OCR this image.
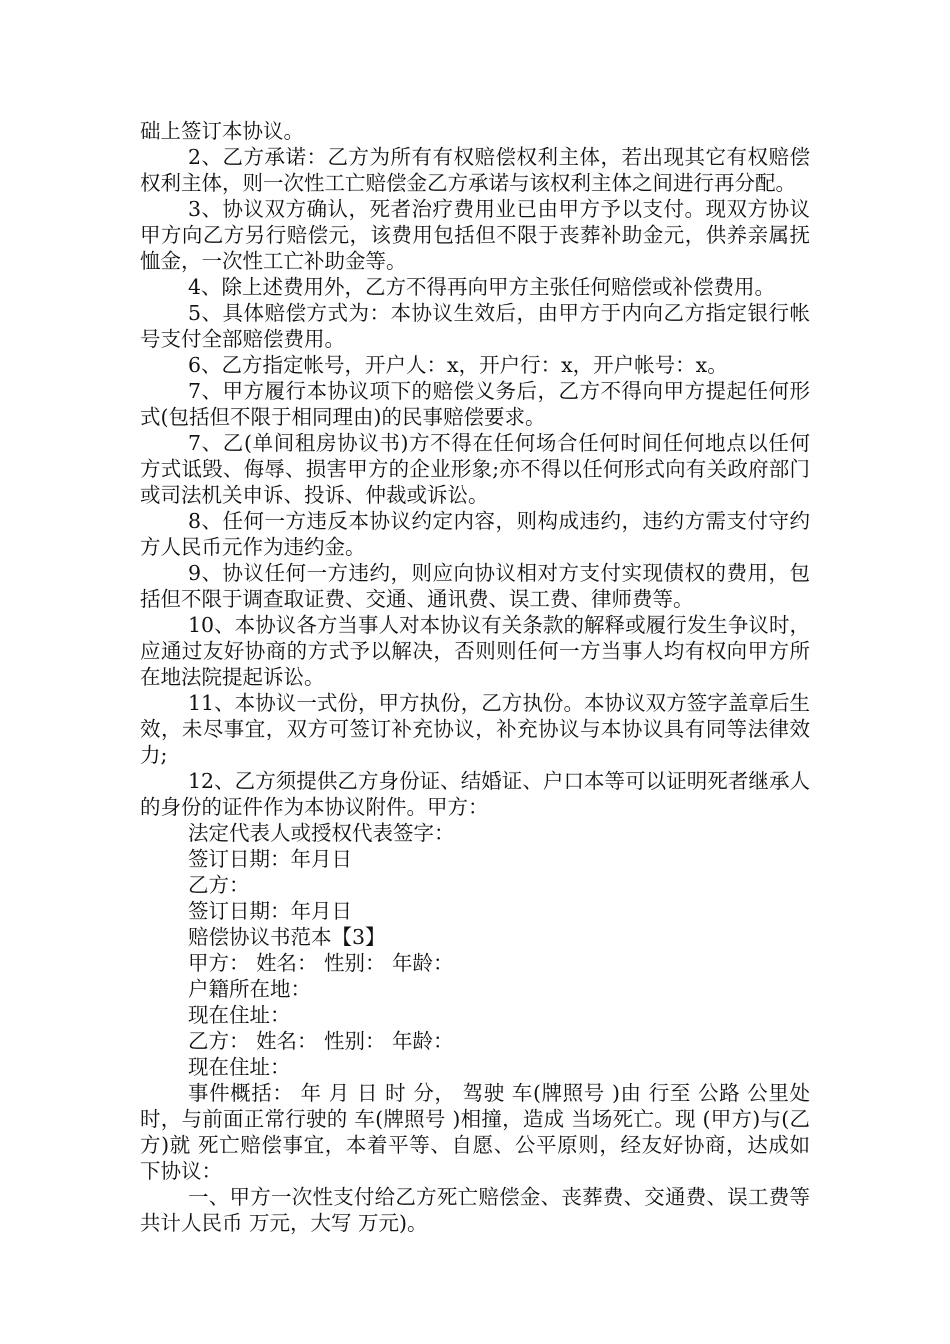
础上签订本协议。

2、乙方承诺：乙方为所有有权赔偿权利主体，若出现其它有权赔偿权利主体，则一次性工亡赔偿金乙方承诺与该权利主体之间进行再分配。

3、协议双方确认，死者治疗费用业已由甲方予以支付。现双方协议甲方向乙方另行赔偿元，该费用包括但不限于丧葬补助金元，供养亲属抚恤金，一次性工亡补助金等。

4、除上述费用外，乙方不得再向甲方主张任何赔偿或补偿费用。

5、具体赔偿方式为：本协议生效后，由甲方于内向乙方指定银行帐号支付全部赔偿费用。

6、乙方指定帐号，开户人：x，开户行：x，开户帐号：x。

7、甲方履行本协议项下的赔偿义务后，乙方不得向甲方提起任何形式(包括但不限于相同理由)的民事赔偿要求。

7、乙(单间租房协议书)方不得在任何场合任何时间任何地点以任何方式诋毁、侮辱、损害甲方的企业形象;亦不得以任何形式向有关政府部门或司法机关申诉、投诉、仲裁或诉讼。

8、任何一方违反本协议约定内容，则构成违约，违约方需支付守约方人民币元作为违约金。

9、协议任何一方违约，则应向协议相对方支付实现债权的费用，包括但不限于调查取证费、交通、通讯费、误工费、律师费等。

10、本协议各方当事人对本协议有关条款的解释或履行发生争议时，应通过友好协商的方式予以解决，否则则任何一方当事人均有权向甲方所在地法院提起诉讼。

11、本协议一式份，甲方执份，乙方执份。本协议双方签字盖章后生效，未尽事宜，双方可签订补充协议，补充协议与本协议具有同等法律效力;

12、乙方须提供乙方身份证、结婚证、户口本等可以证明死者继承人的身份的证件作为本协议附件。甲方：

法定代表人或授权代表签字：

签订日期：年月日

乙方：

签订日期：年月日

赔偿协议书范本【3】

甲方： 姓名： 性别： 年龄：

户籍所在地：

现在住址：

乙方： 姓名： 性别： 年龄：

现在住址：

事件概括： 年 月 日 时 分， 驾驶 车(牌照号 )由 行至 公路 公里处时，与前面正常行驶的 车(牌照号 )相撞，造成 当场死亡。现 (甲方)与(乙方)就 死亡赔偿事宜，本着平等、自愿、公平原则，经友好协商，达成如下协议：

一、甲方一次性支付给乙方死亡赔偿金、丧葬费、交通费、误工费等共计人民币 万元，大写 万元)。
